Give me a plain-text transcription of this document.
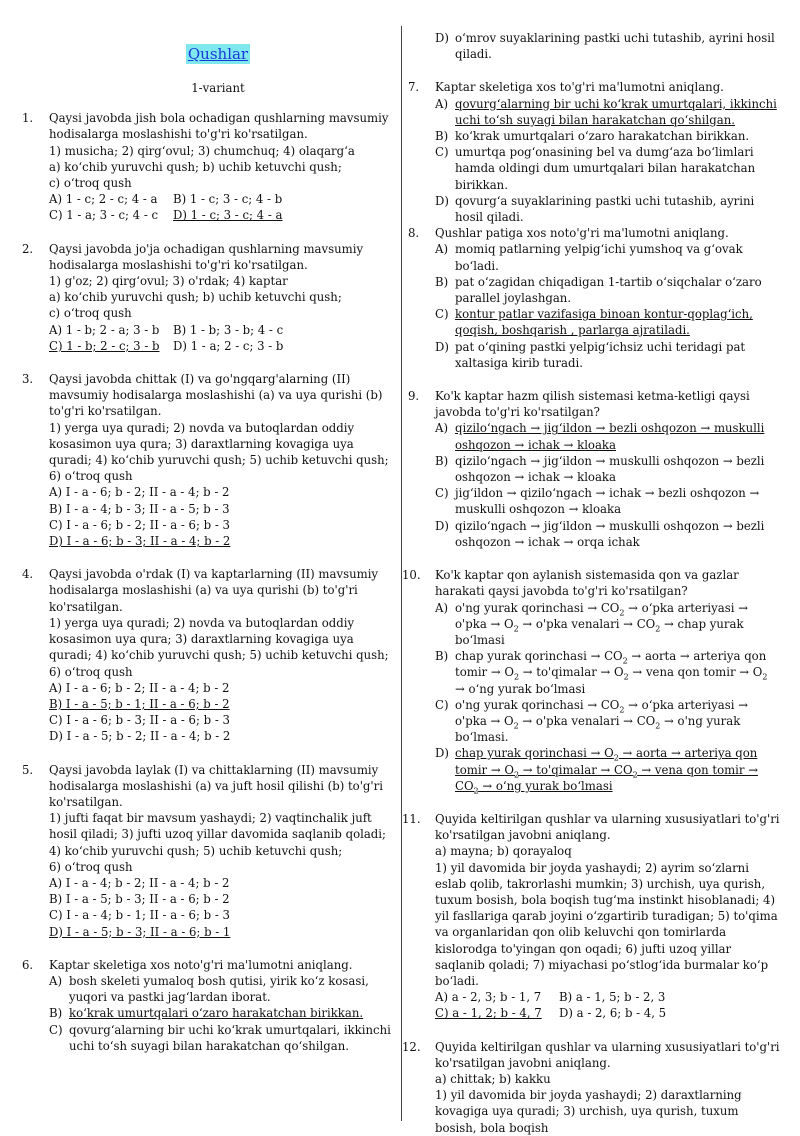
Qushlar
1-variant
1. Qaysi javobda jish bola ochadigan qushlarning mavsumiy hodisalarga moslashishi to'g'ri ko'rsatilgan.
1) musicha; 2) qirg‘ovul; 3) chumchuq; 4) olaqarg‘a
a) ko‘chib yuruvchi qush; b) uchib ketuvchi qush;
c) o‘troq qush
A) 1 - c; 2 - c; 4 - a	B) 1 - c; 3 - c; 4 - b
C) 1 - a; 3 - c; 4 - c	D) 1 - c; 3 - c; 4 - a
2. Qaysi javobda jo'ja ochadigan qushlarning mavsumiy hodisalarga moslashishi to'g'ri ko'rsatilgan.
1) g'oz; 2) qirg‘ovul; 3) o'rdak; 4) kaptar
a) ko‘chib yuruvchi qush; b) uchib ketuvchi qush;
c) o‘troq qush
A) 1 - b; 2 - a; 3 - b	B) 1 - b; 3 - b; 4 - c
C) 1 - b; 2 - c; 3 - b	D) 1 - a; 2 - c; 3 - b
3. Qaysi javobda chittak (I) va go'ngqarg'alarning (II) mavsumiy hodisalarga moslashishi (a) va uya qurishi (b) to'g'ri ko'rsatilgan.
1) yerga uya quradi; 2) novda va butoqlardan oddiy kosasimon uya qura; 3) daraxtlarning kovagiga uya quradi; 4) ko‘chib yuruvchi qush; 5) uchib ketuvchi qush;
6) o‘troq qush
A) I - a - 6; b - 2; II - a - 4; b - 2
B) I - a - 4; b - 3; II - a - 5; b - 3
C) I - a - 6; b - 2; II - a - 6; b - 3
D) I - a - 6; b - 3; II - a - 4; b - 2
4. Qaysi javobda o'rdak (I) va kaptarlarning (II) mavsumiy hodisalarga moslashishi (a) va uya qurishi (b) to'g'ri ko'rsatilgan.
1) yerga uya quradi; 2) novda va butoqlardan oddiy kosasimon uya qura; 3) daraxtlarning kovagiga uya quradi; 4) ko‘chib yuruvchi qush; 5) uchib ketuvchi qush;
6) o‘troq qush
A) I - a - 6; b - 2; II - a - 4; b - 2
B) I - a - 5; b - 1; II - a - 6; b - 2
C) I - a - 6; b - 3; II - a - 6; b - 3
D) I - a - 5; b - 2; II - a - 4; b - 2
5. Qaysi javobda laylak (I) va chittaklarning (II) mavsumiy hodisalarga moslashishi (a) va juft hosil qilishi (b) to'g'ri ko'rsatilgan.
1) jufti faqat bir mavsum yashaydi; 2) vaqtinchalik juft hosil qiladi; 3) jufti uzoq yillar davomida saqlanib qoladi; 4) ko‘chib yuruvchi qush; 5) uchib ketuvchi qush;
6) o‘troq qush
A) I - a - 4; b - 2; II - a - 4; b - 2
B) I - a - 5; b - 3; II - a - 6; b - 2
C) I - a - 4; b - 1; II - a - 6; b - 3
D) I - a - 5; b - 3; II - a - 6; b - 1
6. Kaptar skeletiga xos noto'g'ri ma'lumotni aniqlang.
A) bosh skeleti yumaloq bosh qutisi, yirik ko‘z kosasi, yuqori va pastki jag‘lardan iborat.
B) ko‘krak umurtqalari o‘zaro harakatchan birikkan.
C) qovurg‘alarning bir uchi ko‘krak umurtqalari, ikkinchi uchi to‘sh suyagi bilan harakatchan qo‘shilgan.
D) o‘mrov suyaklarining pastki uchi tutashib, ayrini hosil qiladi.
7. Kaptar skeletiga xos to'g'ri ma'lumotni aniqlang.
A) qovurg‘alarning bir uchi ko‘krak umurtqalari, ikkinchi uchi to‘sh suyagi bilan harakatchan qo‘shilgan.
B) ko‘krak umurtqalari o‘zaro harakatchan birikkan.
C) umurtqa pog‘onasining bel va dumg‘aza bo‘limlari hamda oldingi dum umurtqalari bilan harakatchan birikkan.
D) qovurg‘a suyaklarining pastki uchi tutashib, ayrini hosil qiladi.
8. Qushlar patiga xos noto'g'ri ma'lumotni aniqlang.
A) momiq patlarning yelpig‘ichi yumshoq va g‘ovak bo‘ladi.
B) pat o‘zagidan chiqadigan 1-tartib o‘siqchalar o‘zaro parallel joylashgan.
C) kontur patlar vazifasiga binoan kontur-qoplag‘ich, qoqish, boshqarish , parlarga ajratiladi.
D) pat o‘qining pastki yelpig‘ichsiz uchi teridagi pat xaltasiga kirib turadi.
9. Ko'k kaptar hazm qilish sistemasi ketma-ketligi qaysi javobda to'g'ri ko'rsatilgan?
A) qizilo‘ngach → jig‘ildon → bezli oshqozon → muskulli oshqozon → ichak → kloaka
B) qizilo‘ngach → jig‘ildon → muskulli oshqozon → bezli oshqozon → ichak → kloaka
C) jig‘ildon → qizilo‘ngach → ichak → bezli oshqozon → muskulli oshqozon → kloaka
D) qizilo‘ngach → jig‘ildon → muskulli oshqozon → bezli oshqozon → ichak → orqa ichak
10. Ko'k kaptar qon aylanish sistemasida qon va gazlar harakati qaysi javobda to'g'ri ko'rsatilgan?
A) o'ng yurak qorinchasi → $CO_2$ → o‘pka arteriyasi → $o'pka \to O_2 \to o'pka$ venalari → $CO_2$ → chap yurak bo‘lmasi
B) chap yurak qorinchasi → $CO_2$ → aorta → arteriya qon tomir → $O_2$ → to'qimalar → $O_2$ → vena qon tomir → $O_2$ → o‘ng yurak bo‘lmasi
C) o'ng yurak qorinchasi → $CO_2$ → o‘pka arteriyasi → $o'pka \to O_2 \to o'pka$ venalari → $CO_2 \to o'ng$ yurak bo‘lmasi.
D) chap yurak qorinchasi → $O_2$ → aorta → arteriya qon tomir → $O_2$ → to'qimalar → $CO_2$ → vena qon tomir → $CO_2$ → o‘ng yurak bo‘lmasi
11. Quyida keltirilgan qushlar va ularning xususiyatlari to'g'ri ko'rsatilgan javobni aniqlang.
a) mayna; b) qorayaloq
1) yil davomida bir joyda yashaydi; 2) ayrim so‘zlarni eslab qolib, takrorlashi mumkin; 3) urchish, uya qurish, tuxum bosish, bola boqish tug‘ma instinkt hisoblanadi; 4) yil fasllariga qarab joyini o‘zgartirib turadigan; 5) to'qima va organlaridan qon olib keluvchi qon tomirlarda kislorodga to'yingan qon oqadi; 6) jufti uzoq yillar saqlanib qoladi; 7) miyachasi po‘stlog‘ida burmalar ko‘p bo‘ladi.
A) a - 2, 3; b - 1, 7	B) a - 1, 5; b - 2, 3
C) a - 1, 2; b - 4, 7	D) a - 2, 6; b - 4, 5
12. Quyida keltirilgan qushlar va ularning xususiyatlari to'g'ri ko'rsatilgan javobni aniqlang.
a) chittak; b) kakku
1) yil davomida bir joyda yashaydi; 2) daraxtlarning kovagiga uya quradi; 3) urchish, uya qurish, tuxum bosish, bola boqish
